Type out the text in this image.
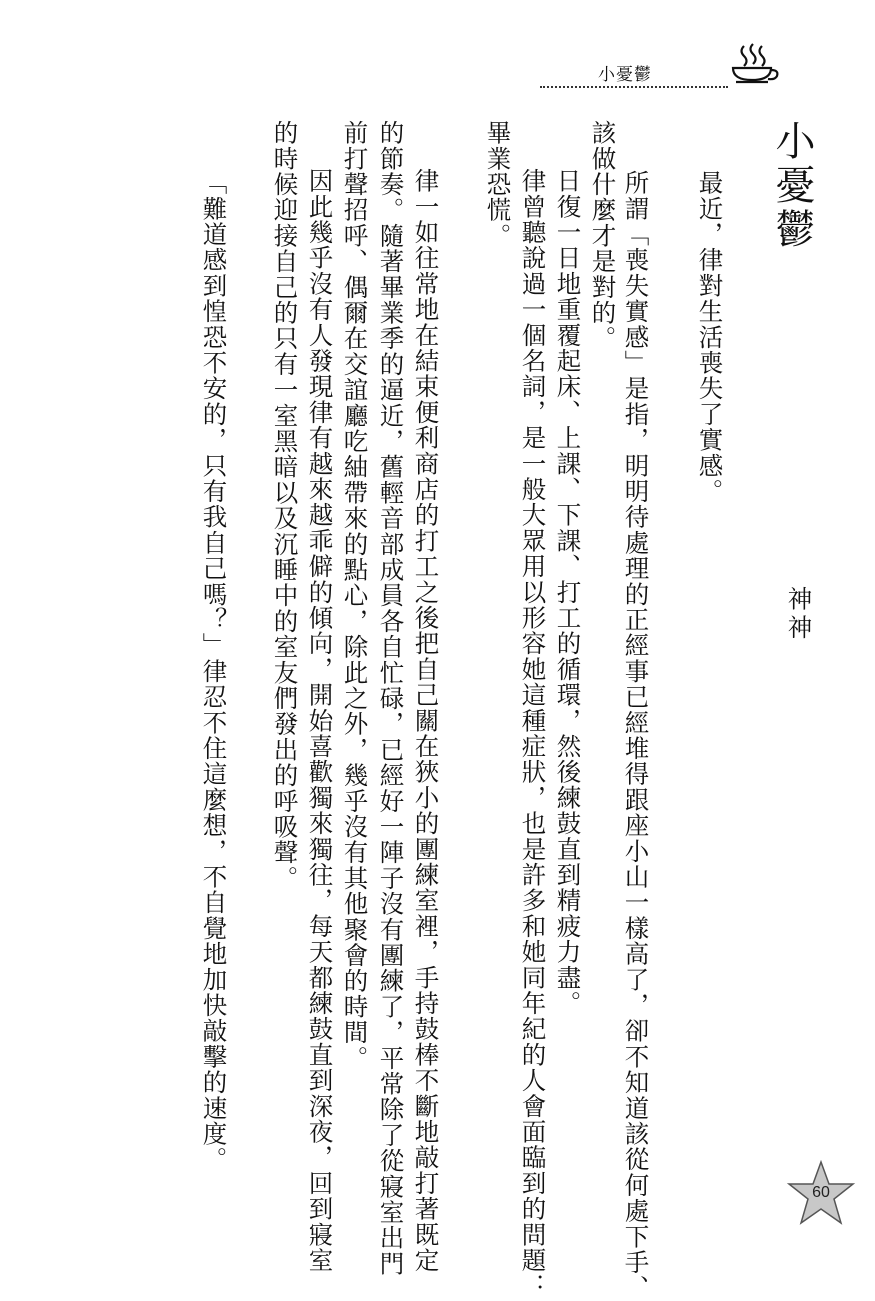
小憂鬱
小憂鬱
神神
最近，律對生活喪失了實感。
所謂「喪失實感」是指，明明待處理的正經事已經堆得跟座小山一樣高了，卻不知道該從何處下手、
該做什麼才是對的。
日復一日地重覆起床、上課、下課、打工的循環，然後練鼓直到精疲力盡。
律曾聽說過一個名詞，是一般大眾用以形容她這種症狀，也是許多和她同年紀的人會面臨到的問題：
畢業恐慌。
律一如往常地在結束便利商店的打工之後把自己關在狹小的團練室裡，手持鼓棒不斷地敲打著既定
的節奏。隨著畢業季的逼近，舊輕音部成員各自忙碌，已經好一陣子沒有團練了，平常除了從寢室出門
前打聲招呼、偶爾在交誼廳吃紬帶來的點心，除此之外，幾乎沒有其他聚會的時間。
因此幾乎沒有人發現律有越來越乖僻的傾向，開始喜歡獨來獨往，每天都練鼓直到深夜，回到寢室
的時候迎接自己的只有一室黑暗以及沉睡中的室友們發出的呼吸聲。
「難道感到惶恐不安的，只有我自己嗎？」律忍不住這麼想，不自覺地加快敲擊的速度。
60
